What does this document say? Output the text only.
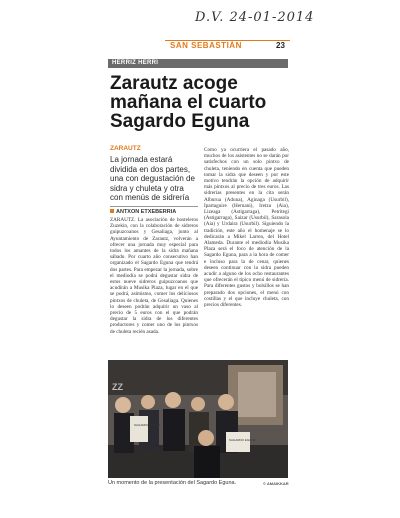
D.V. 24-01-2014
SAN SEBASTIÁN	23
HERRIZ HERRI
Zarautz acoge mañana el cuarto Sagardo Eguna
ZARAUTZ
La jornada estará dividida en dos partes, una con degustación de sidra y chuleta y otra con menús de sidrería
ANTXON ETXEBERRIA
ZARAUTZ. La asociación de hosteleros Zuzekin, con la colaboración de sidreros guipuzcoanos y Gesaliaga, junto al Ayuntamiento de Zarautz, volverán a ofrecer una jornada muy especial para todos los amantes de la sidra mañana sábado. Por cuarto año consecutivo han organizado el Sagardo Eguna que tendrá dos partes. Para empezar la jornada, sobre el mediodía se podrá degustar sidra de estos nueve sidreros guipuzcoanos que acudirán a Musika Plaza, lugar en el que se podrá, asimismo, comer los deliciosos pintxos de chuleta, de Gesaliaga. Quienes lo deseen podrán adquirir un vaso al precio de 5 euros con el que podrán degustar la sidra de los diferentes productores y comer uno de los pintxos de chuleta recién asada.
Como ya ocurriera el pasado año, muchos de los asistentes no se darán por satisfechos con un solo pintxo de chuleta, teniendo en cuenta que pueden tomar la sidra que deseen y por este motivo tendrán la opción de adquirir más pintxos al precio de tres euros. Las sidrerías presentes en la cita serán Alburua (Aduna), Aginaga (Usurbil), Ipartaguire (Hernani), Iretzu (Aia), Lizeaga (Astigarraga), Petritegi (Astigarraga), Saizar (Usurbil), Sarasola (Aia) y Urdaira (Usurbil). Siguiendo la tradición, este año el homenaje se lo dedicarán a Mikel Larrea, del Hotel Alameda. Durante el mediodía Musika Plaza será el foco de atención de la Sagardo Eguna, para a la hora de comer e incluso para la de cenar, quienes deseen continuar con la sidra pueden acudir a alguno de los ocho restaurantes que ofrecerán el típico menú de sidrería. Para diferentes gustos y bolsillos se han preparado dos opciones, el menú con costillas y el que incluye chuleta, con precios diferentes.
SAGARDO EGUNA
SAGARDO EGUNA
ZZ
Un momento de la presentación del Sagardo Eguna.	© AMAIKKAR
